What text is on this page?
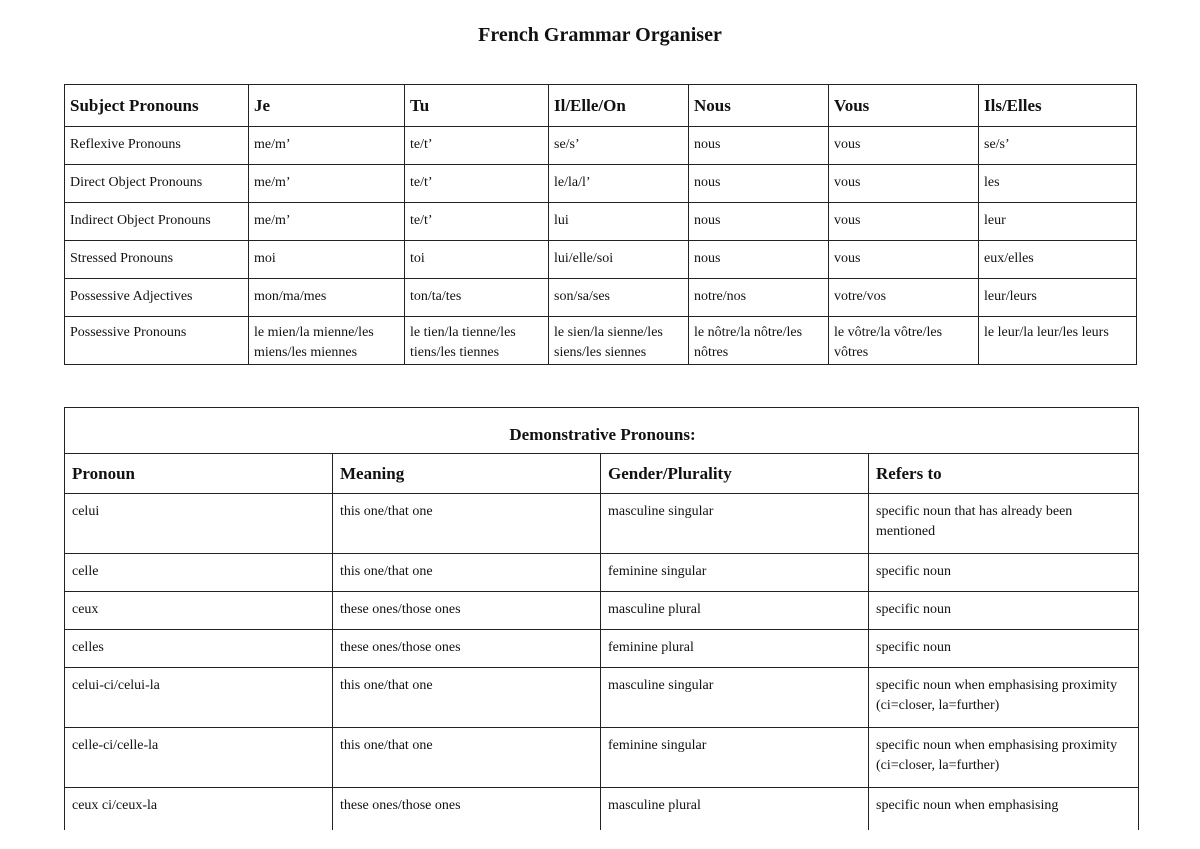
French Grammar Organiser
Subject Pronouns	Je	Tu	Il/Elle/On	Nous	Vous	Ils/Elles
Reflexive Pronouns	me/m’	te/t’	se/s’	nous	vous	se/s’
Direct Object Pronouns	me/m’	te/t’	le/la/l’	nous	vous	les
Indirect Object Pronouns	me/m’	te/t’	lui	nous	vous	leur
Stressed Pronouns	moi	toi	lui/elle/soi	nous	vous	eux/elles
Possessive Adjectives	mon/ma/mes	ton/ta/tes	son/sa/ses	notre/nos	votre/vos	leur/leurs
Possessive Pronouns	le mien/la mienne/les miens/les miennes	le tien/la tienne/les tiens/les tiennes	le sien/la sienne/les siens/les siennes	le nôtre/la nôtre/les nôtres	le vôtre/la vôtre/les vôtres	le leur/la leur/les leurs
Demonstrative Pronouns:			
Pronoun	Meaning	Gender/Plurality	Refers to
celui	this one/that one	masculine singular	specific noun that has already been mentioned
celle	this one/that one	feminine singular	specific noun
ceux	these ones/those ones	masculine plural	specific noun
celles	these ones/those ones	feminine plural	specific noun
celui-ci/celui-la	this one/that one	masculine singular	specific noun when emphasising proximity (ci=closer, la=further)
celle-ci/celle-la	this one/that one	feminine singular	specific noun when emphasising proximity (ci=closer, la=further)
ceux ci/ceux-la	these ones/those ones	masculine plural	specific noun when emphasising
